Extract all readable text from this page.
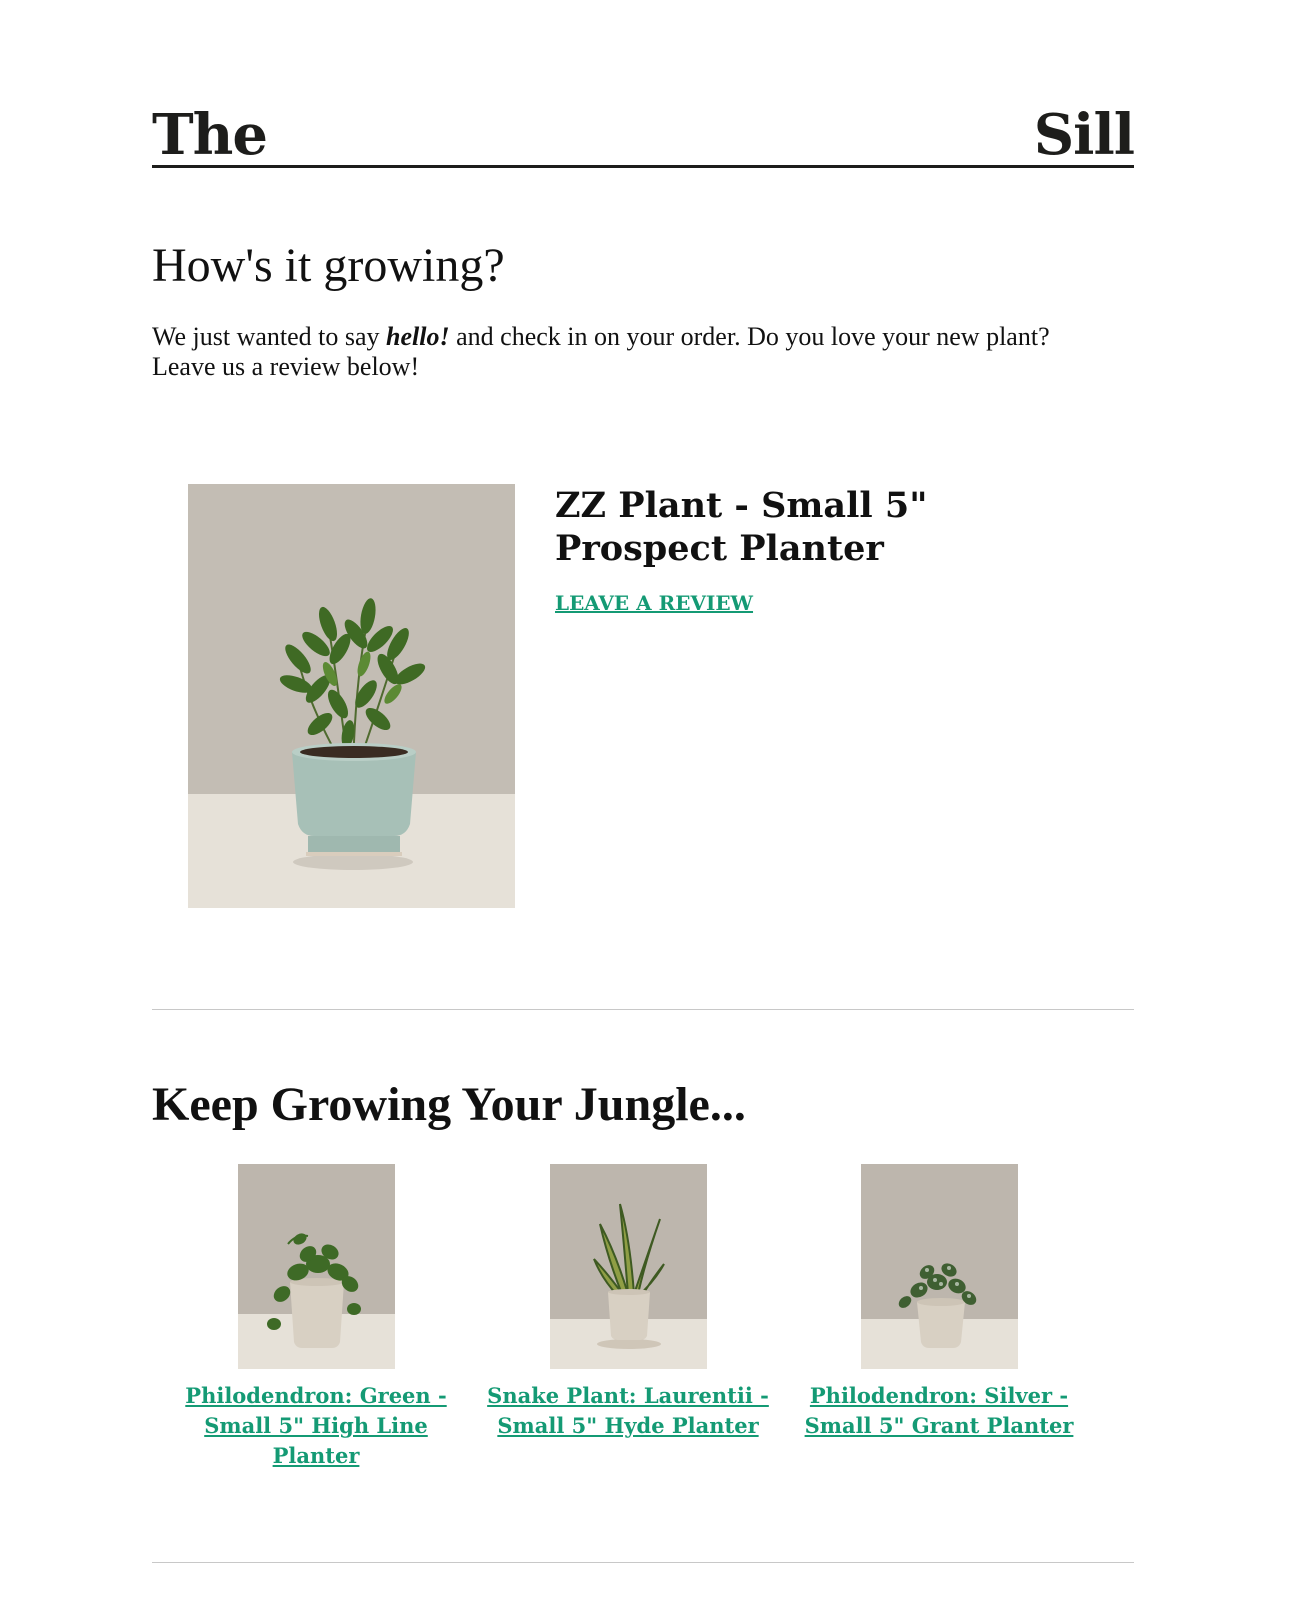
The	Sill
How's it growing?

We just wanted to say hello! and check in on your order. Do you love your new plant? Leave us a review below!

ZZ Plant - Small 5" Prospect Planter
LEAVE A REVIEW
Keep Growing Your Jungle...
Philodendron: Green - Small 5" High Line Planter
Snake Plant: Laurentii - Small 5" Hyde Planter
Philodendron: Silver - Small 5" Grant Planter
